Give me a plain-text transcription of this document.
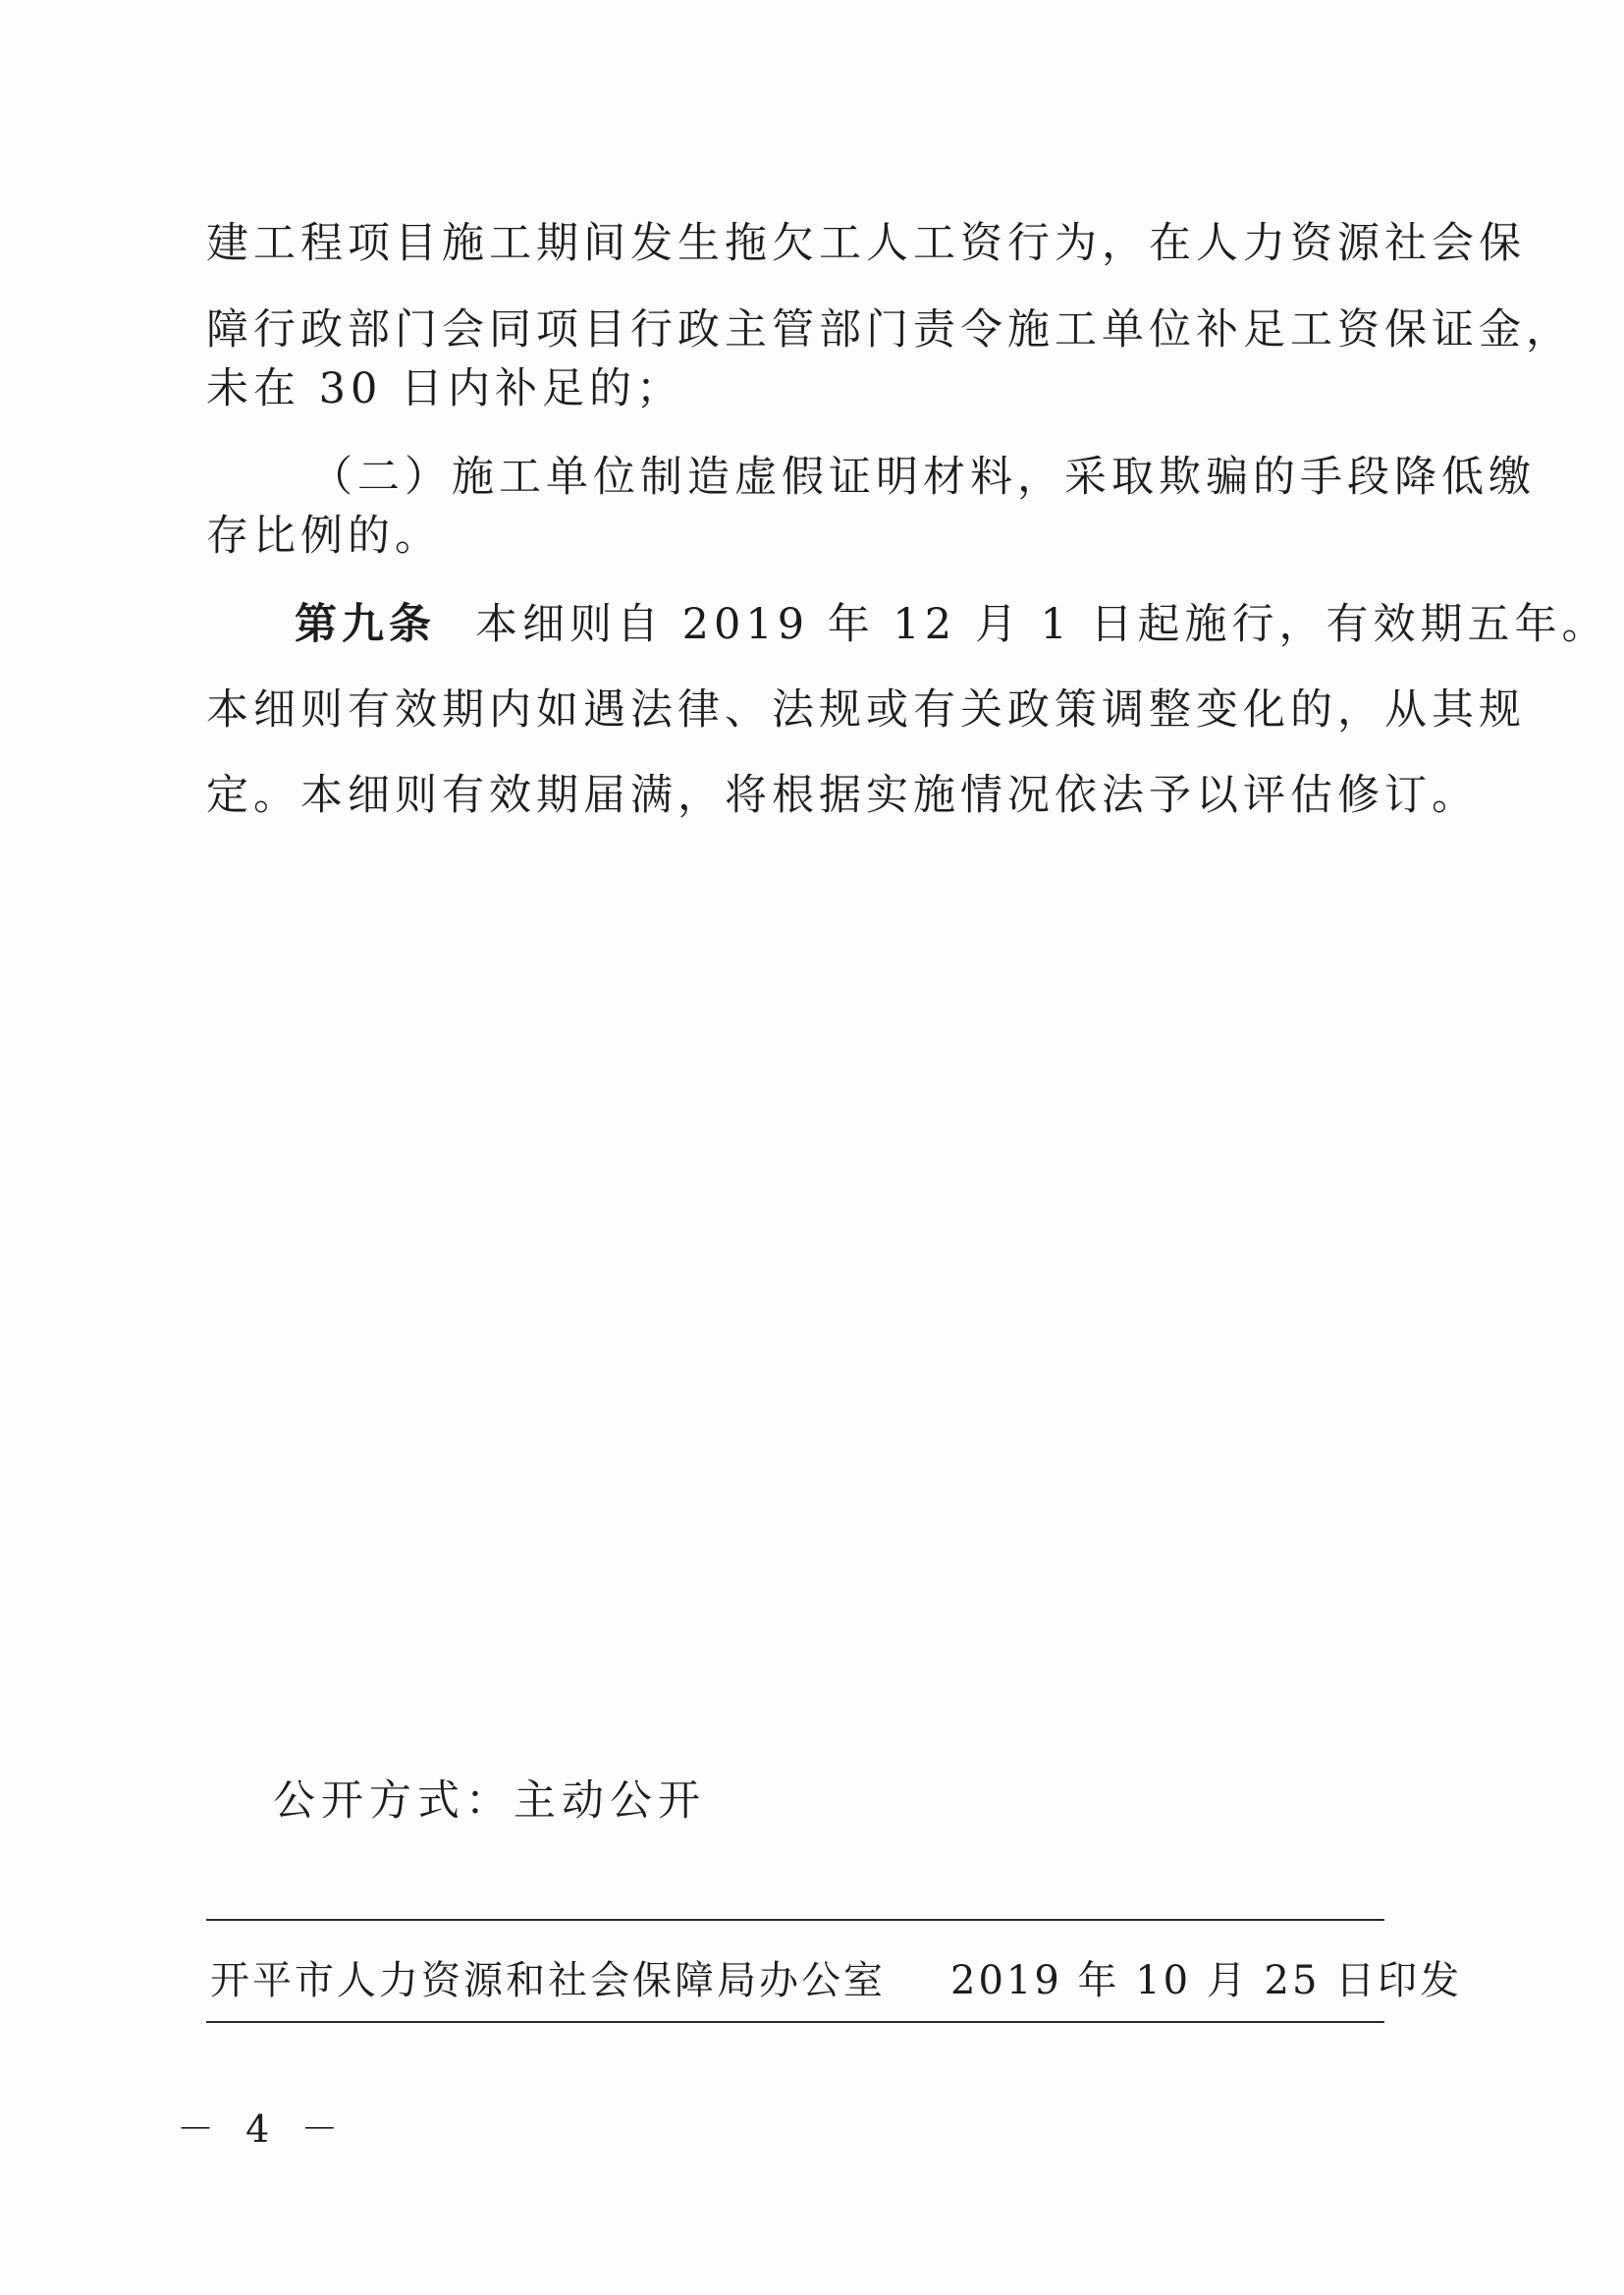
建工程项目施工期间发生拖欠工人工资行为，在人力资源社会保
障行政部门会同项目行政主管部门责令施工单位补足工资保证金，
未在 30 日内补足的；
（二）施工单位制造虚假证明材料，采取欺骗的手段降低缴
存比例的。
第九条 本细则自 2019 年 12 月 1 日起施行，有效期五年。
本细则有效期内如遇法律、法规或有关政策调整变化的，从其规
定。本细则有效期届满，将根据实施情况依法予以评估修订。
公开方式：主动公开
开平市人力资源和社会保障局办公室 2019 年 10 月 25 日印发
－ 4 －
